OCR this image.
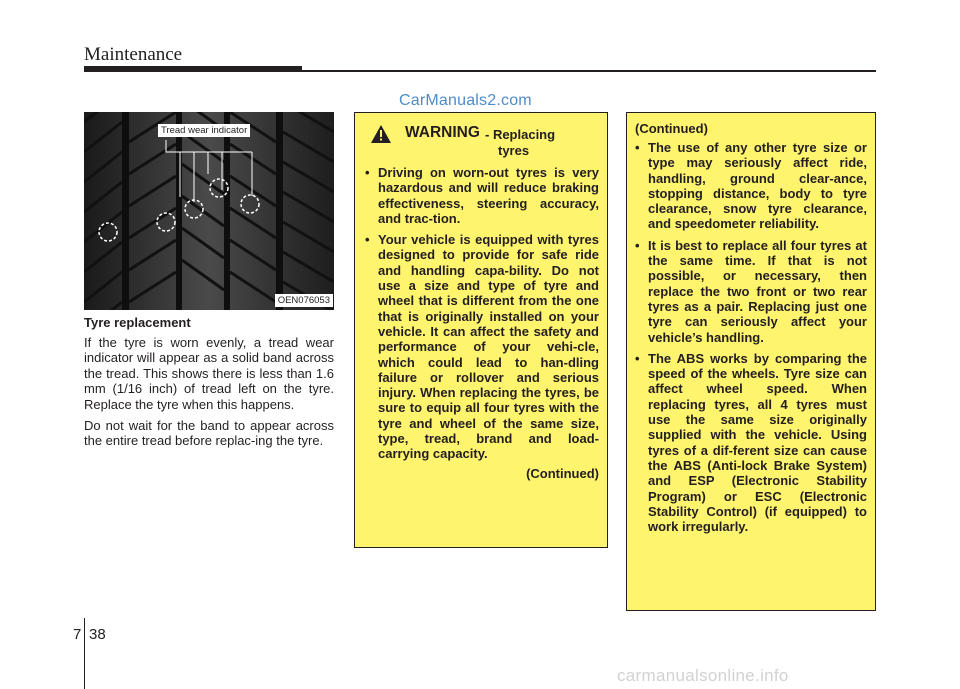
Maintenance
CarManuals2.com
Tread wear indicator
OEN076053
Tyre replacement

If the tyre is worn evenly, a tread wear indicator will appear as a solid band across the tread. This shows there is less than 1.6 mm (1/16 inch) of tread left on the tyre. Replace the tyre when this happens.

Do not wait for the band to appear across the entire tread before replac-ing the tyre.

WARNING - Replacing
tyres
• Driving on worn-out tyres is very hazardous and will reduce braking effectiveness, steering accuracy, and trac-tion.
• Your vehicle is equipped with tyres designed to provide for safe ride and handling capa-bility. Do not use a size and type of tyre and wheel that is different from the one that is originally installed on your vehicle. It can affect the safety and performance of your vehi-cle, which could lead to han-dling failure or rollover and serious injury. When replacing the tyres, be sure to equip all four tyres with the tyre and wheel of the same size, type, tread, brand and load-carrying capacity.
(Continued)
(Continued)
• The use of any other tyre size or type may seriously affect ride, handling, ground clear-ance, stopping distance, body to tyre clearance, snow tyre clearance, and speedometer reliability.
• It is best to replace all four tyres at the same time. If that is not possible, or necessary, then replace the two front or two rear tyres as a pair. Replacing just one tyre can seriously affect your vehicle’s handling.
• The ABS works by comparing the speed of the wheels. Tyre size can affect wheel speed. When replacing tyres, all 4 tyres must use the same size originally supplied with the vehicle. Using tyres of a dif-ferent size can cause the ABS (Anti-lock Brake System) and ESP (Electronic Stability Program) or ESC (Electronic Stability Control) (if equipped) to work irregularly.
7 38
carmanualsonline.info
